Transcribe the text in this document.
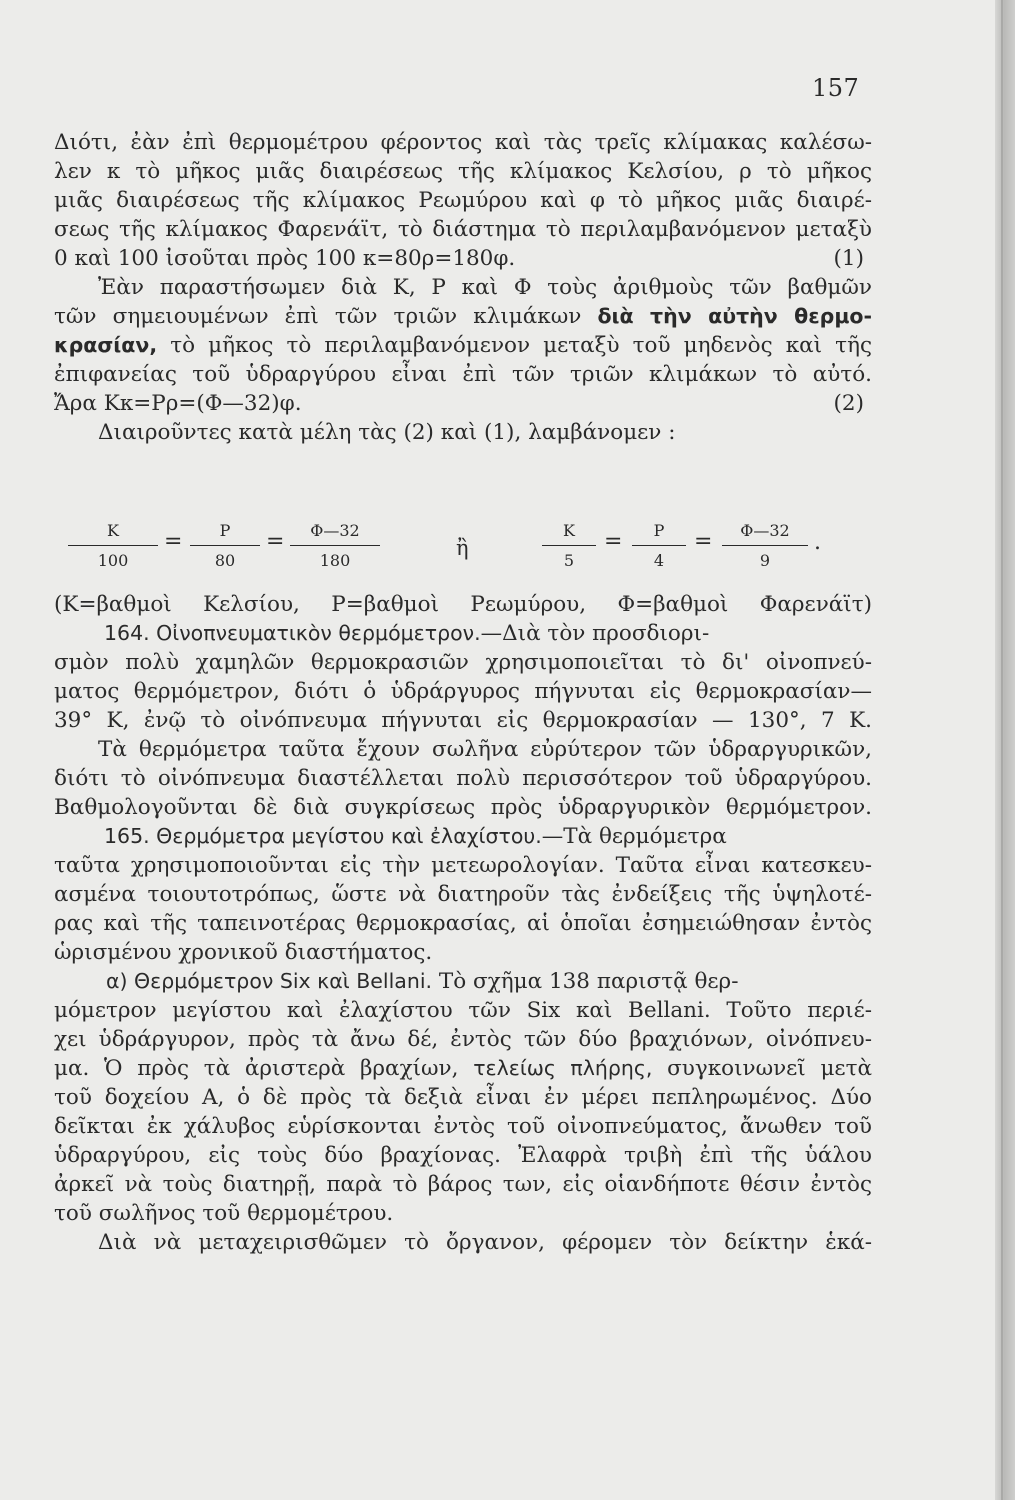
157
Διότι, ἐὰν ἐπὶ θερμομέτρου φέροντος καὶ τὰς τρεῖς κλίμακας καλέσω-
λεν κ τὸ μῆκος μιᾶς διαιρέσεως τῆς κλίμακος Κελσίου, ρ τὸ μῆκος
μιᾶς διαιρέσεως τῆς κλίμακος Ρεωμύρου καὶ φ τὸ μῆκος μιᾶς διαιρέ-
σεως τῆς κλίμακος Φαρενάϊτ, τὸ διάστημα τὸ περιλαμβανόμενον μεταξὺ
0 καὶ 100 ἰσοῦται πρὸς 100 κ=80ρ=180φ.	(1)
Ἐὰν παραστήσωμεν διὰ Κ, Ρ καὶ Φ τοὺς ἀριθμοὺς τῶν βαθμῶν
τῶν σημειουμένων ἐπὶ τῶν τριῶν κλιμάκων διὰ τὴν αὐτὴν θερμο-
κρασίαν, τὸ μῆκος τὸ περιλαμβανόμενον μεταξὺ τοῦ μηδενὸς καὶ τῆς
ἐπιφανείας τοῦ ὑδραργύρου εἶναι ἐπὶ τῶν τριῶν κλιμάκων τὸ αὐτό.
Ἄρα Κκ=Ρρ=(Φ—32)φ.	(2)
Διαιροῦντες κατὰ μέλη τὰς (2) καὶ (1), λαμβάνομεν :
$\frac{K}{100} = \frac{P}{80} = \frac{\Phi—32}{180}$	ἢ	$\frac{K}{5} = \frac{P}{4} = \frac{\Phi—32}{9}$ .
(Κ=βαθμοὶ Κελσίου, Ρ=βαθμοὶ Ρεωμύρου, Φ=βαθμοὶ Φαρενάϊτ)
164. Οἰνοπνευματικὸν θερμόμετρον.—Διὰ τὸν προσδιορι-
σμὸν πολὺ χαμηλῶν θερμοκρασιῶν χρησιμοποιεῖται τὸ δι' οἰνοπνεύ-
ματος θερμόμετρον, διότι ὁ ὑδράργυρος πήγνυται εἰς θερμοκρασίαν—
39° Κ, ἐνῷ τὸ οἰνόπνευμα πήγνυται εἰς θερμοκρασίαν — 130°, 7 Κ.
Τὰ θερμόμετρα ταῦτα ἔχουν σωλῆνα εὐρύτερον τῶν ὑδραργυρικῶν,
διότι τὸ οἰνόπνευμα διαστέλλεται πολὺ περισσότερον τοῦ ὑδραργύρου.
Βαθμολογοῦνται δὲ διὰ συγκρίσεως πρὸς ὑδραργυρικὸν θερμόμετρον.
165. Θερμόμετρα μεγίστου καὶ ἐλαχίστου.—Τὰ θερμόμετρα
ταῦτα χρησιμοποιοῦνται εἰς τὴν μετεωρολογίαν. Ταῦτα εἶναι κατεσκευ-
ασμένα τοιουτοτρόπως, ὥστε νὰ διατηροῦν τὰς ἐνδείξεις τῆς ὑψηλοτέ-
ρας καὶ τῆς ταπεινοτέρας θερμοκρασίας, αἱ ὁποῖαι ἐσημειώθησαν ἐντὸς
ὡρισμένου χρονικοῦ διαστήματος.
α) Θερμόμετρον Six καὶ Bellani. Τὸ σχῆμα 138 παριστᾷ θερ-
μόμετρον μεγίστου καὶ ἐλαχίστου τῶν Six καὶ Bellani. Τοῦτο περιέ-
χει ὑδράργυρον, πρὸς τὰ ἄνω δέ, ἐντὸς τῶν δύο βραχιόνων, οἰνόπνευ-
μα. Ὁ πρὸς τὰ ἀριστερὰ βραχίων, τελείως πλήρης, συγκοινωνεῖ μετὰ
τοῦ δοχείου Α, ὁ δὲ πρὸς τὰ δεξιὰ εἶναι ἐν μέρει πεπληρωμένος. Δύο
δεῖκται ἐκ χάλυβος εὑρίσκονται ἐντὸς τοῦ οἰνοπνεύματος, ἄνωθεν τοῦ
ὑδραργύρου, εἰς τοὺς δύο βραχίονας. Ἐλαφρὰ τριβὴ ἐπὶ τῆς ὑάλου
ἀρκεῖ νὰ τοὺς διατηρῇ, παρὰ τὸ βάρος των, εἰς οἱανδήποτε θέσιν ἐντὸς
τοῦ σωλῆνος τοῦ θερμομέτρου.
Διὰ νὰ μεταχειρισθῶμεν τὸ ὄργανον, φέρομεν τὸν δείκτην ἑκά-
